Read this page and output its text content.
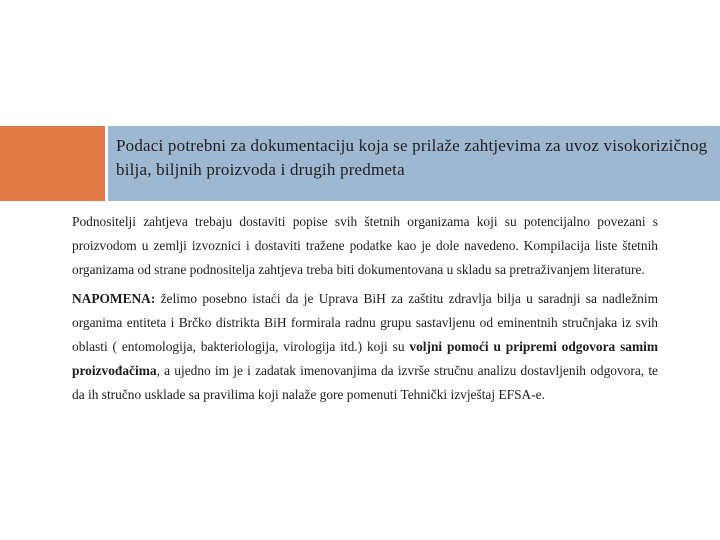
Podaci potrebni za dokumentaciju koja se prilaže zahtjevima za uvoz visokorizičnog bilja, biljnih proizvoda i drugih predmeta

Podnositelji zahtjeva trebaju dostaviti popise svih štetnih organizama koji su potencijalno povezani s proizvodom u zemlji izvoznici i dostaviti tražene podatke kao je dole navedeno. Kompilacija liste štetnih organizama od strane podnositelja zahtjeva treba biti dokumentovana u skladu sa pretraživanjem literature.

NAPOMENA: želimo posebno istaći da je Uprava BiH za zaštitu zdravlja bilja u saradnji sa nadležnim organima entiteta i Brčko distrikta BiH formirala radnu grupu sastavljenu od eminentnih stručnjaka iz svih oblasti ( entomologija, bakteriologija, virologija itd.) koji su voljni pomoći u pripremi odgovora samim proizvođačima, a ujedno im je i zadatak imenovanjima da izvrše stručnu analizu dostavljenih odgovora, te da ih stručno usklade sa pravilima koji nalaže gore pomenuti Tehnički izvještaj EFSA-e.
